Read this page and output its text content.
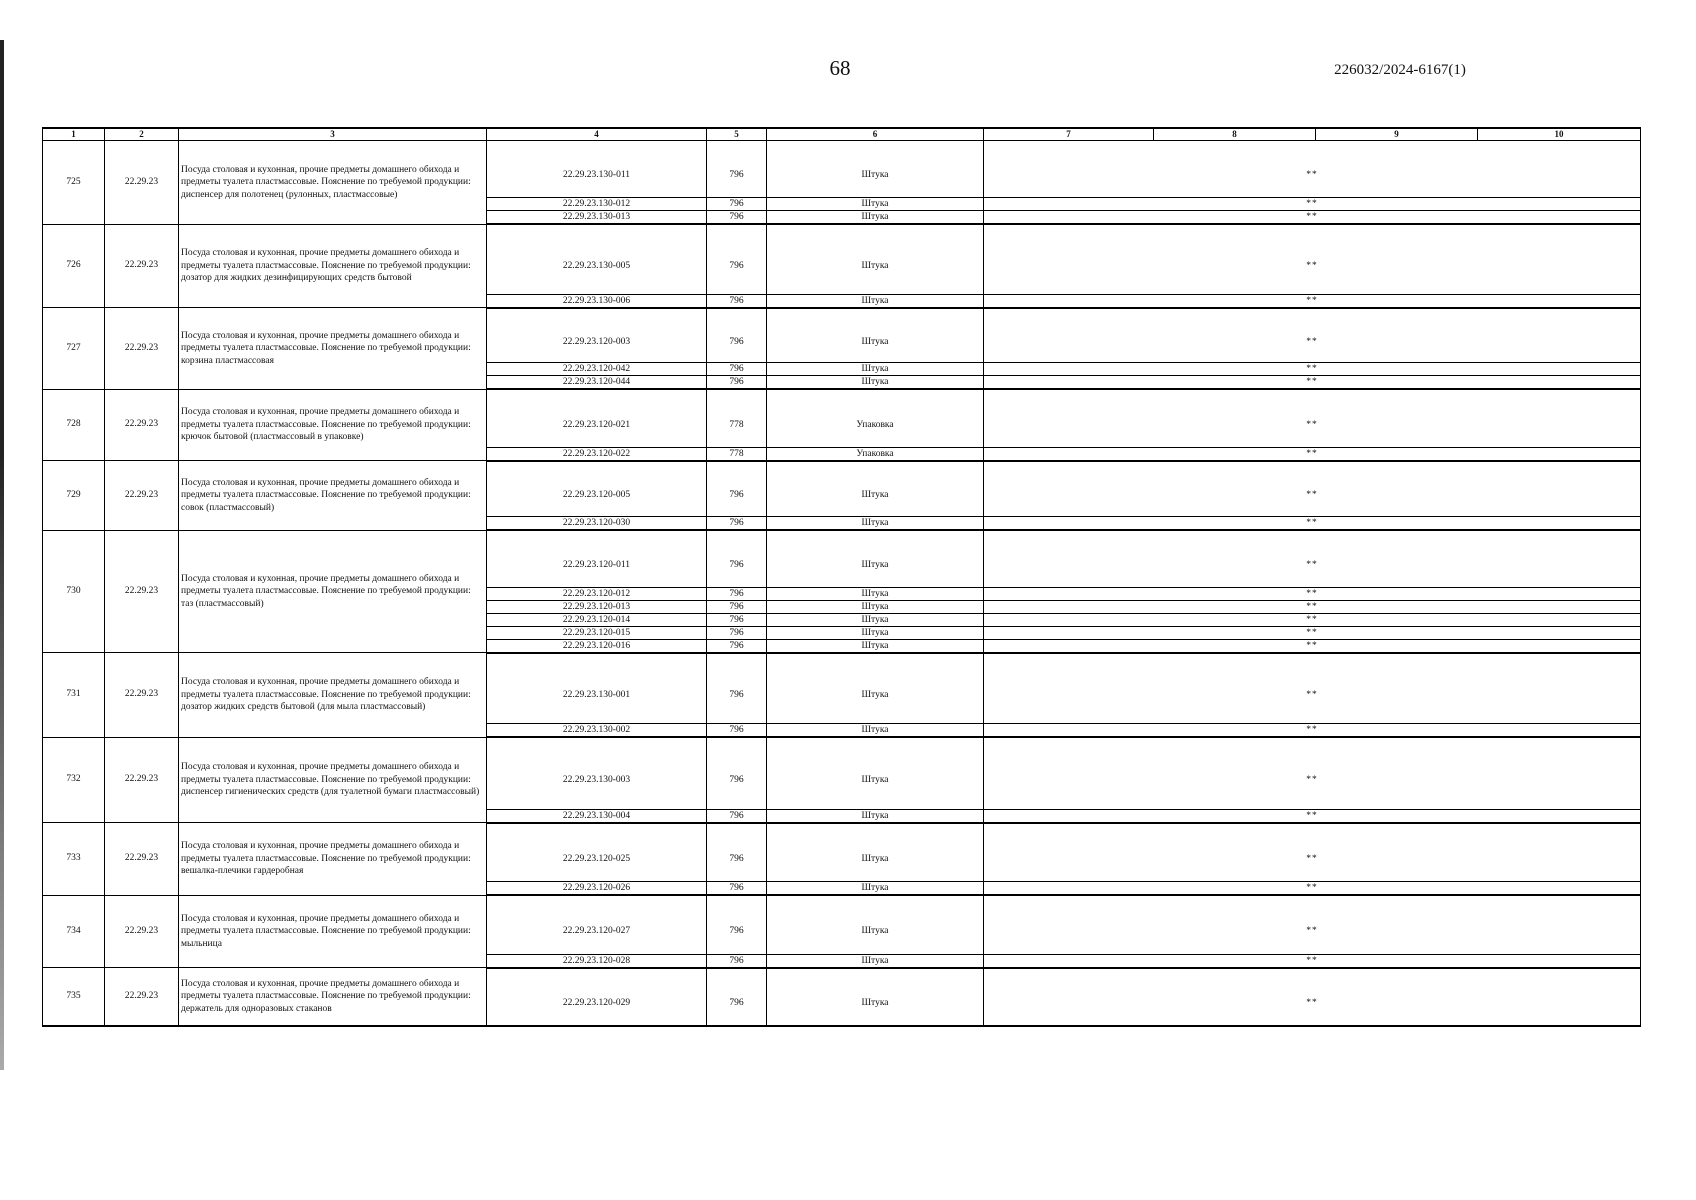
68	226032/2024-6167(1)
1	2	3	4	5	6	7	8	9	10
725	22.29.23	Посуда столовая и кухонная, прочие предметы домашнего обихода и предметы туалета пластмассовые. Пояснение по требуемой продукции: диспенсер для полотенец (рулонных, пластмассовые)	22.29.23.130-011	796	Штука	**			
			22.29.23.130-012	796	Штука	**			
			22.29.23.130-013	796	Штука	**			
726	22.29.23	Посуда столовая и кухонная, прочие предметы домашнего обихода и предметы туалета пластмассовые. Пояснение по требуемой продукции: дозатор для жидких дезинфицирующих средств бытовой	22.29.23.130-005	796	Штука	**			
			22.29.23.130-006	796	Штука	**			
727	22.29.23	Посуда столовая и кухонная, прочие предметы домашнего обихода и предметы туалета пластмассовые. Пояснение по требуемой продукции: корзина пластмассовая	22.29.23.120-003	796	Штука	**			
			22.29.23.120-042	796	Штука	**			
			22.29.23.120-044	796	Штука	**			
728	22.29.23	Посуда столовая и кухонная, прочие предметы домашнего обихода и предметы туалета пластмассовые. Пояснение по требуемой продукции: крючок бытовой (пластмассовый в упаковке)	22.29.23.120-021	778	Упаковка	**			
			22.29.23.120-022	778	Упаковка	**			
729	22.29.23	Посуда столовая и кухонная, прочие предметы домашнего обихода и предметы туалета пластмассовые. Пояснение по требуемой продукции: совок (пластмассовый)	22.29.23.120-005	796	Штука	**			
			22.29.23.120-030	796	Штука	**			
730	22.29.23	Посуда столовая и кухонная, прочие предметы домашнего обихода и предметы туалета пластмассовые. Пояснение по требуемой продукции: таз (пластмассовый)	22.29.23.120-011	796	Штука	**			
			22.29.23.120-012	796	Штука	**			
			22.29.23.120-013	796	Штука	**			
			22.29.23.120-014	796	Штука	**			
			22.29.23.120-015	796	Штука	**			
			22.29.23.120-016	796	Штука	**			
731	22.29.23	Посуда столовая и кухонная, прочие предметы домашнего обихода и предметы туалета пластмассовые. Пояснение по требуемой продукции: дозатор жидких средств бытовой (для мыла пластмассовый)	22.29.23.130-001	796	Штука	**			
			22.29.23.130-002	796	Штука	**			
732	22.29.23	Посуда столовая и кухонная, прочие предметы домашнего обихода и предметы туалета пластмассовые. Пояснение по требуемой продукции: диспенсер гигиенических средств (для туалетной бумаги пластмассовый)	22.29.23.130-003	796	Штука	**			
			22.29.23.130-004	796	Штука	**			
733	22.29.23	Посуда столовая и кухонная, прочие предметы домашнего обихода и предметы туалета пластмассовые. Пояснение по требуемой продукции: вешалка-плечики гардеробная	22.29.23.120-025	796	Штука	**			
			22.29.23.120-026	796	Штука	**			
734	22.29.23	Посуда столовая и кухонная, прочие предметы домашнего обихода и предметы туалета пластмассовые. Пояснение по требуемой продукции: мыльница	22.29.23.120-027	796	Штука	**			
			22.29.23.120-028	796	Штука	**			
735	22.29.23	Посуда столовая и кухонная, прочие предметы домашнего обихода и предметы туалета пластмассовые. Пояснение по требуемой продукции: держатель для одноразовых стаканов	22.29.23.120-029	796	Штука	**			
